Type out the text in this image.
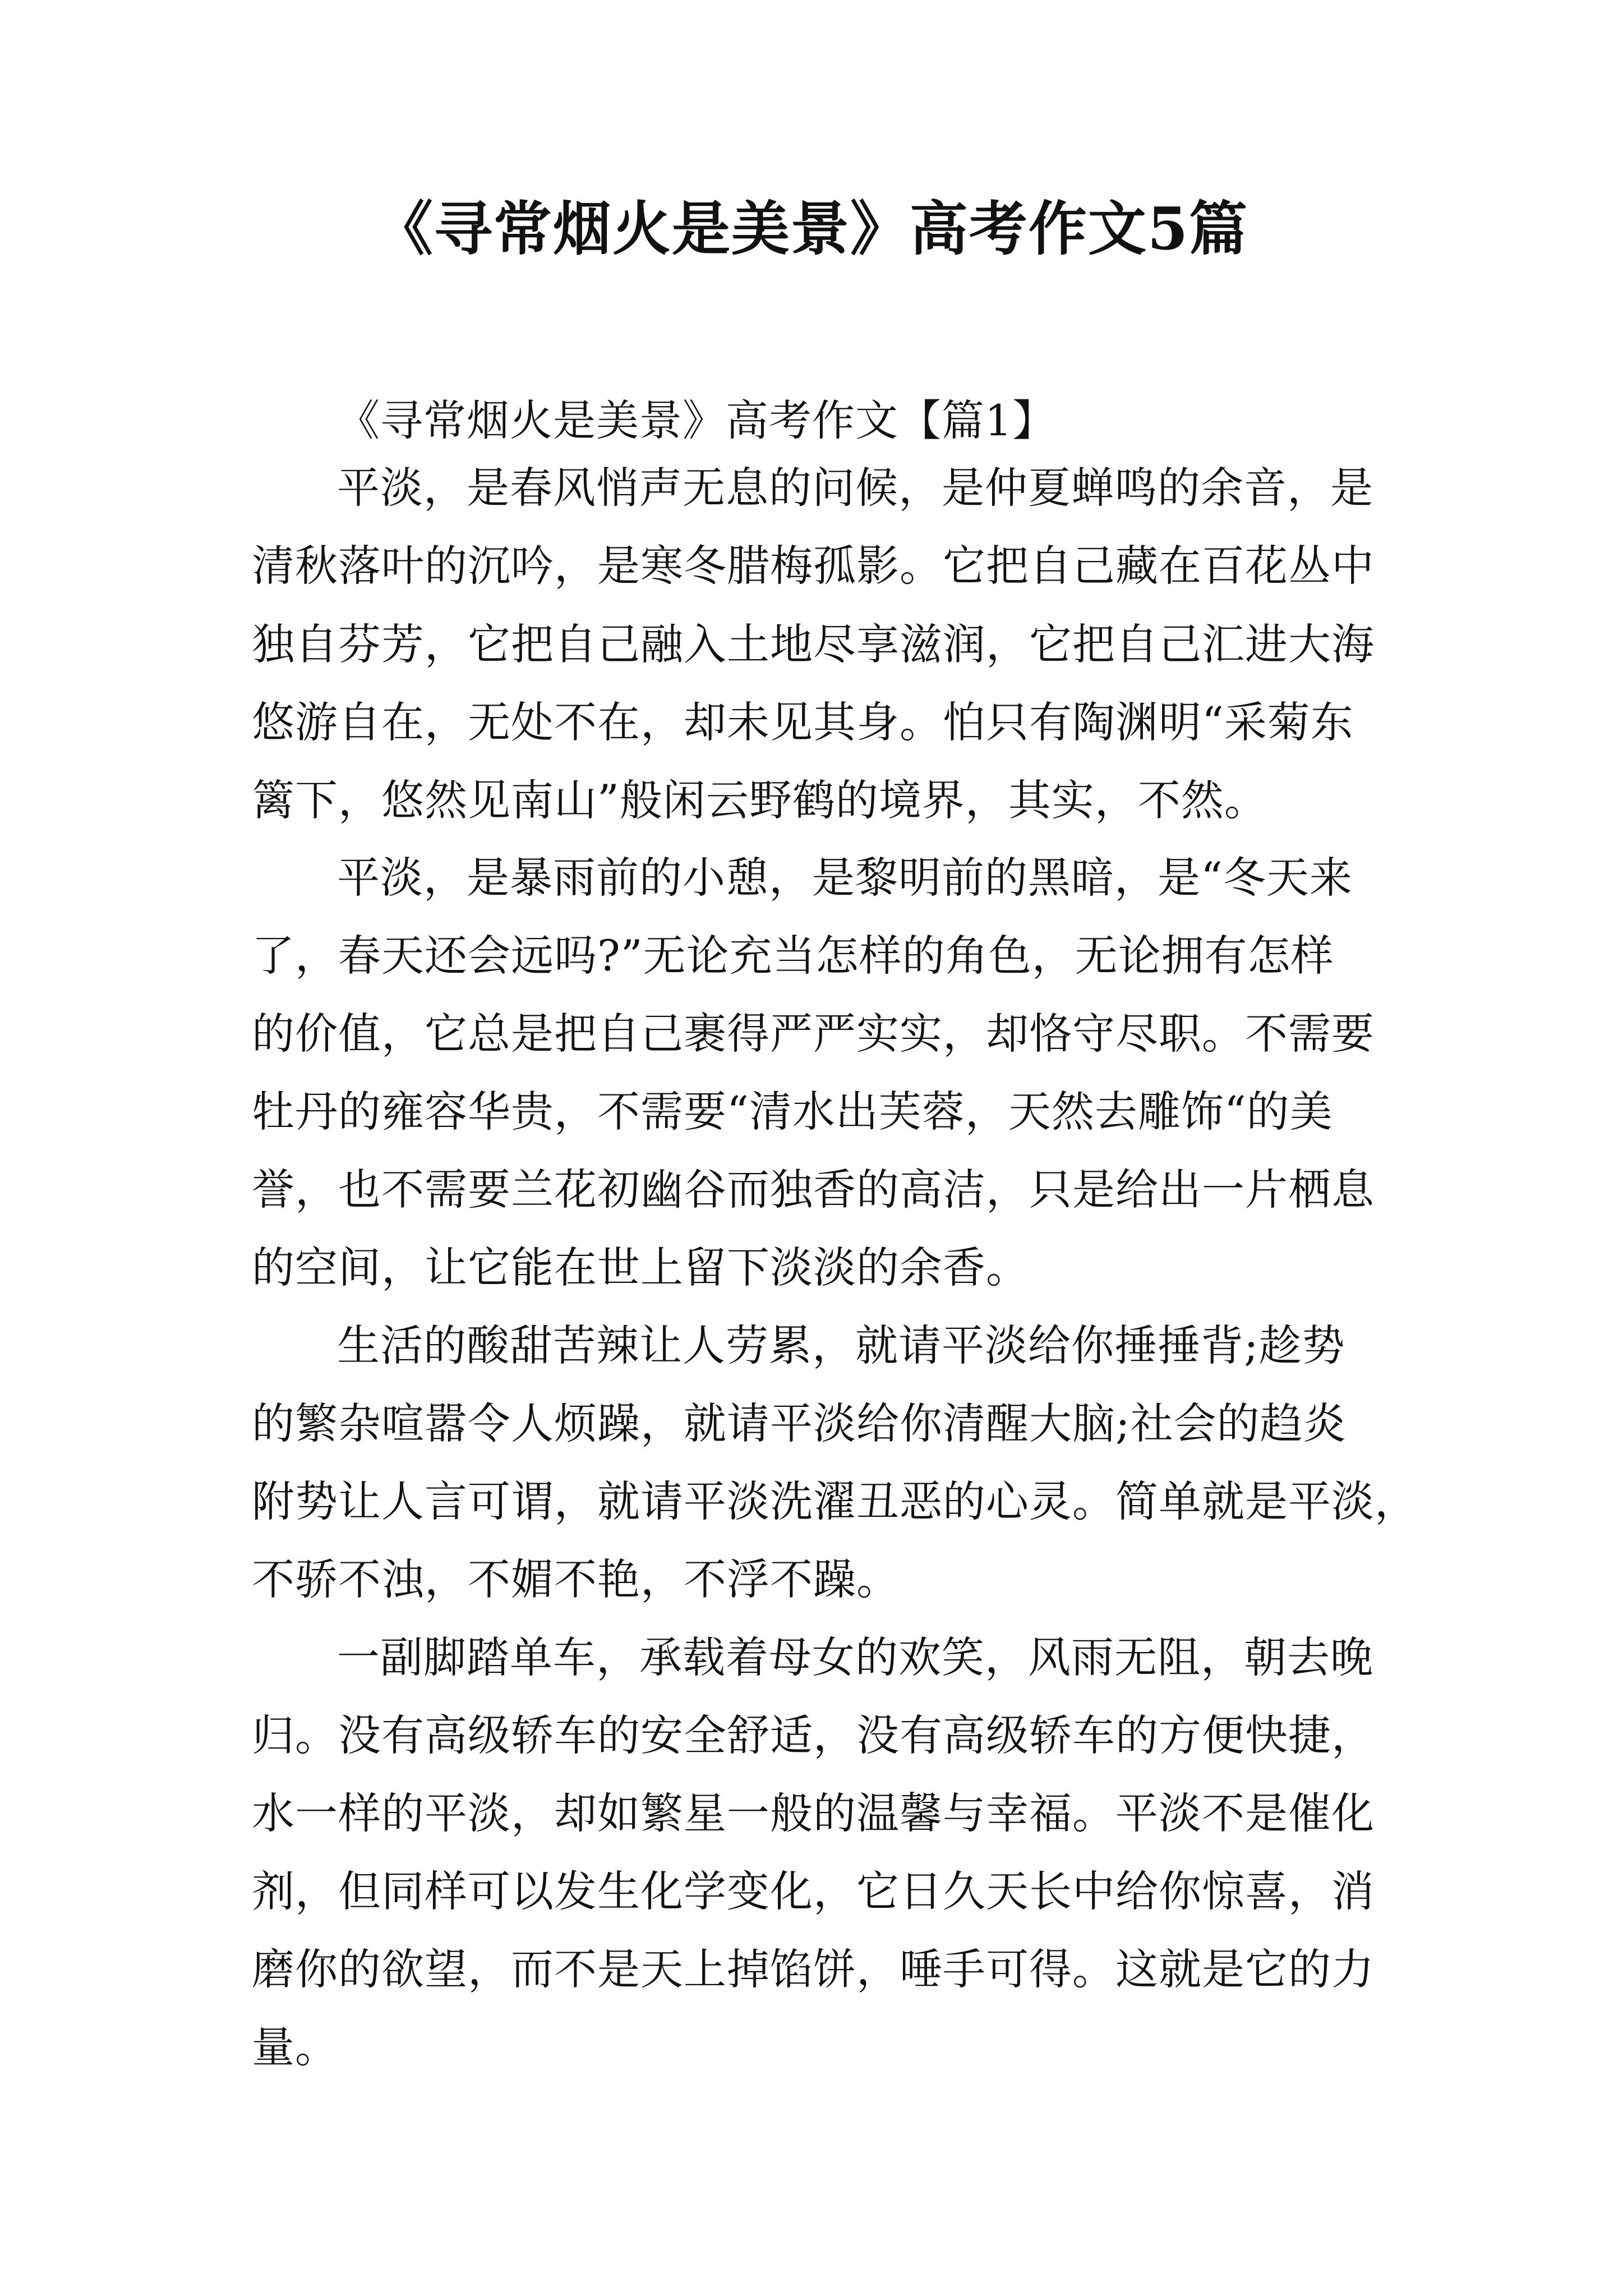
《寻常烟火是美景》高考作文5篇
《寻常烟火是美景》高考作文【篇1】
平淡，是春风悄声无息的问候，是仲夏蝉鸣的余音，是
清秋落叶的沉吟，是寒冬腊梅孤影。它把自己藏在百花丛中
独自芬芳，它把自己融入土地尽享滋润，它把自己汇进大海
悠游自在，无处不在，却未见其身。怕只有陶渊明“采菊东
篱下，悠然见南山”般闲云野鹤的境界，其实，不然。
平淡，是暴雨前的小憩，是黎明前的黑暗，是“冬天来
了，春天还会远吗?”无论充当怎样的角色，无论拥有怎样
的价值，它总是把自己裹得严严实实，却恪守尽职。不需要
牡丹的雍容华贵，不需要“清水出芙蓉，天然去雕饰“的美
誉，也不需要兰花初幽谷而独香的高洁，只是给出一片栖息
的空间，让它能在世上留下淡淡的余香。
生活的酸甜苦辣让人劳累，就请平淡给你捶捶背;趁势
的繁杂喧嚣令人烦躁，就请平淡给你清醒大脑;社会的趋炎
附势让人言可谓，就请平淡洗濯丑恶的心灵。简单就是平淡，
不骄不浊，不媚不艳，不浮不躁。
一副脚踏单车，承载着母女的欢笑，风雨无阻，朝去晚
归。没有高级轿车的安全舒适，没有高级轿车的方便快捷，
水一样的平淡，却如繁星一般的温馨与幸福。平淡不是催化
剂，但同样可以发生化学变化，它日久天长中给你惊喜，消
磨你的欲望，而不是天上掉馅饼，唾手可得。这就是它的力
量。
